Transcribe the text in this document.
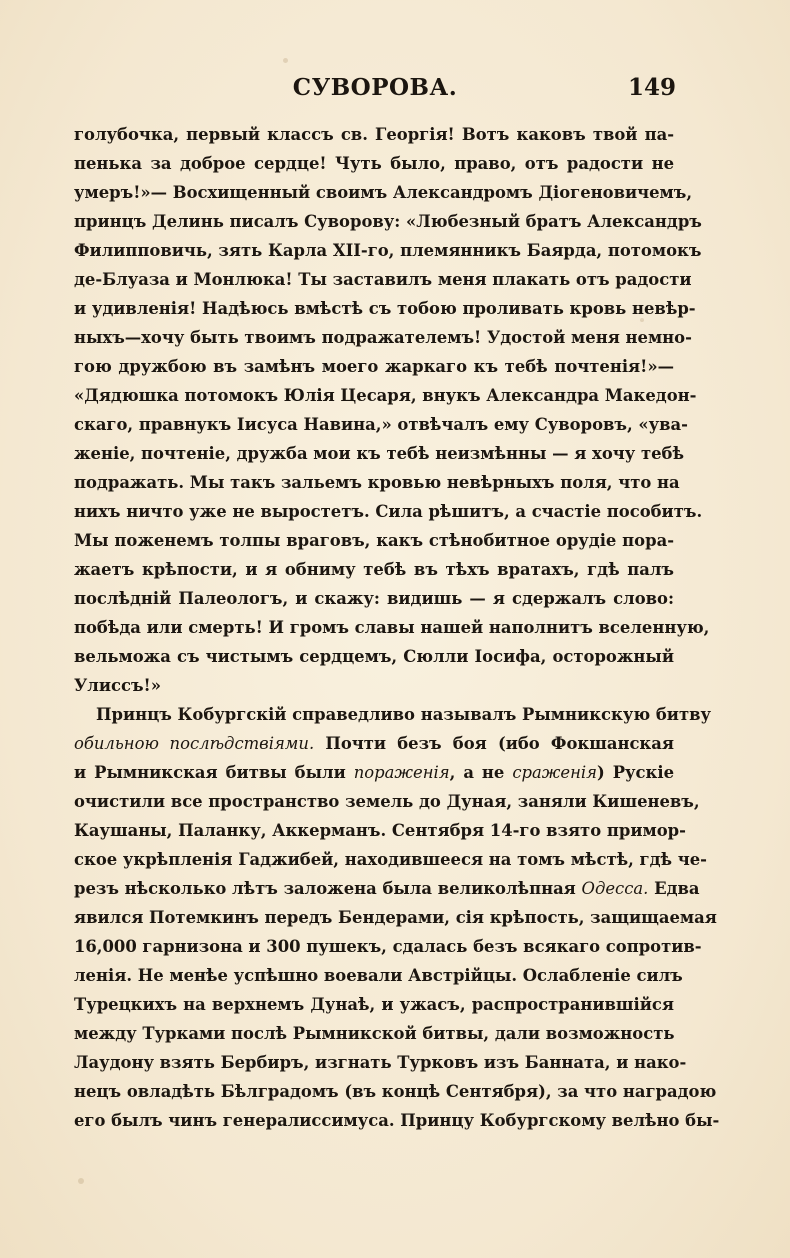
СУВОРОВА.	149
голубочка, первый классъ св. Георгія! Вотъ каковъ твой па-
пенька за доброе сердце! Чуть было, право, отъ радости не
умеръ!»— Восхищенный своимъ Александромъ Діогеновичемъ,
принцъ Делинь писалъ Суворову: «Любезный братъ Александръ
Филипповичь, зять Карла XII-го, племянникъ Баярда, потомокъ
де-Блуаза и Монлюка! Ты заставилъ меня плакать отъ радости
и удивленія! Надѣюсь вмѣстѣ съ тобою проливать кровь невѣр-
ныхъ—хочу быть твоимъ подражателемъ! Удостой меня немно-
гою дружбою въ замѣнъ моего жаркаго къ тебѣ почтенія!»—
«Дядюшка потомокъ Юлія Цесаря, внукъ Александра Македон-
скаго, правнукъ Іисуса Навина,» отвѣчалъ ему Суворовъ, «ува-
женіе, почтеніе, дружба мои къ тебѣ неизмѣнны — я хочу тебѣ
подражать. Мы такъ зальемъ кровью невѣрныхъ поля, что на
нихъ ничто уже не выростетъ. Сила рѣшитъ, а счастіе пособитъ.
Мы поженемъ толпы враговъ, какъ стѣнобитное орудіе пора-
жаетъ крѣпости, и я обниму тебѣ въ тѣхъ вратахъ, гдѣ палъ
послѣдній Палеологъ, и скажу: видишь — я сдержалъ слово:
побѣда или смерть! И громъ славы нашей наполнитъ вселенную,
вельможа съ чистымъ сердцемъ, Сюлли Іосифа, осторожный
Улиссъ!»
Принцъ Кобургскій справедливо называлъ Рымникскую битву
обильною послѣдствіями. Почти безъ боя (ибо Фокшанская
и Рымникская битвы были пораженія, а не сраженія) Рускіе
очистили все пространство земель до Дуная, заняли Кишеневъ,
Каушаны, Паланку, Аккерманъ. Сентября 14-го взято примор-
ское укрѣпленія Гаджибей, находившееся на томъ мѣстѣ, гдѣ че-
резъ нѣсколько лѣтъ заложена была великолѣпная Одесса. Едва
явился Потемкинъ передъ Бендерами, сія крѣпость, защищаемая
16,000 гарнизона и 300 пушекъ, сдалась безъ всякаго сопротив-
ленія. Не менѣе успѣшно воевали Австрійцы. Ослабленіе силъ
Турецкихъ на верхнемъ Дунаѣ, и ужасъ, распространившійся
между Турками послѣ Рымникской битвы, дали возможность
Лаудону взять Бербиръ, изгнать Турковъ изъ Банната, и нако-
нецъ овладѣть Бѣлградомъ (въ концѣ Сентября), за что наградою
его былъ чинъ генералиссимуса. Принцу Кобургскому велѣно бы-
